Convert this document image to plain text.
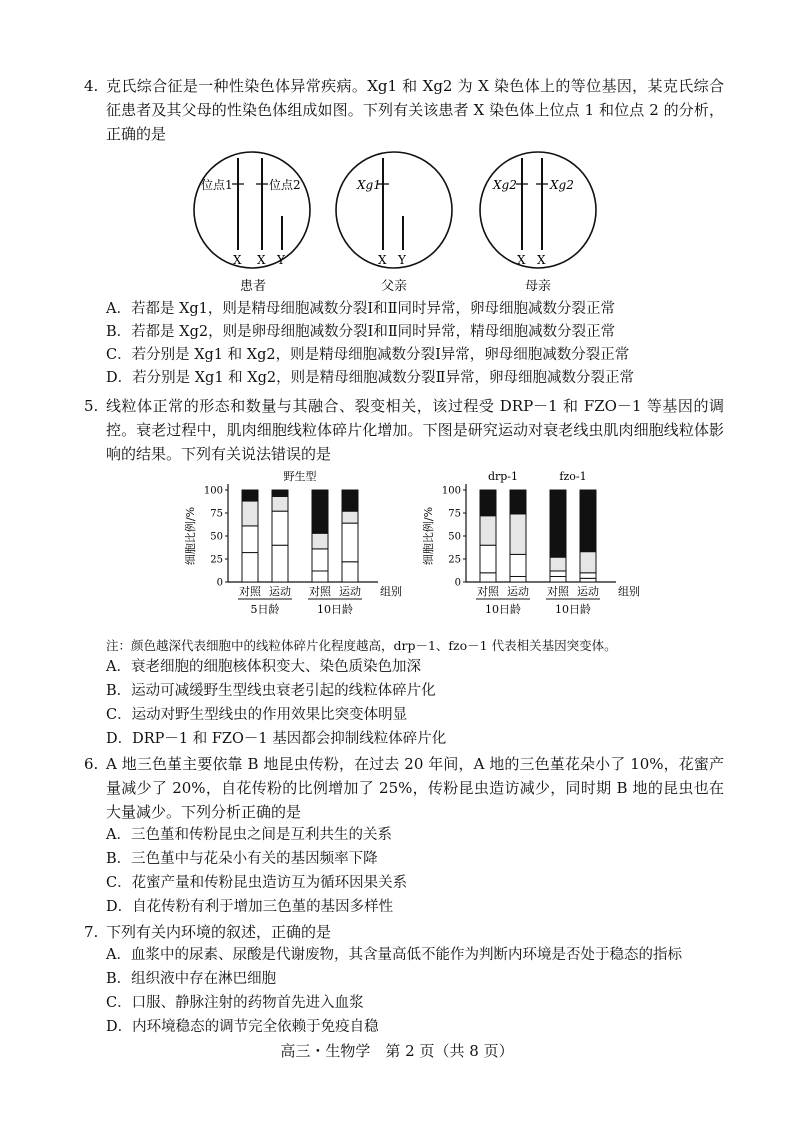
4. 克氏综合征是一种性染色体异常疾病。Xg1 和 Xg2 为 X 染色体上的等位基因，某克氏综合征患者及其父母的性染色体组成如图。下列有关该患者 X 染色体上位点 1 和位点 2 的分析，正确的是
位点1	位点2
X X Y
患者
Xg1
X Y
父亲
Xg2	Xg2
X X
母亲
A．若都是 Xg1，则是精母细胞减数分裂Ⅰ和Ⅱ同时异常，卵母细胞减数分裂正常
B．若都是 Xg2，则是卵母细胞减数分裂Ⅰ和Ⅱ同时异常，精母细胞减数分裂正常
C．若分别是 Xg1 和 Xg2，则是精母细胞减数分裂Ⅰ异常，卵母细胞减数分裂正常
D．若分别是 Xg1 和 Xg2，则是精母细胞减数分裂Ⅱ异常，卵母细胞减数分裂正常
5. 线粒体正常的形态和数量与其融合、裂变相关，该过程受 DRP－1 和 FZO－1 等基因的调控。衰老过程中，肌肉细胞线粒体碎片化增加。下图是研究运动对衰老线虫肌肉细胞线粒体影响的结果。下列有关说法错误的是
0
25
50
75
100
细胞比例/%
对照 运动 对照 运动
5日龄	10日龄
组别
野生型
0
25
50
75
100
细胞比例/%
对照 运动 对照 运动
10日龄	10日龄
组别
drp-1	fzo-1
注：颜色越深代表细胞中的线粒体碎片化程度越高，drp－1、fzo－1 代表相关基因突变体。
A．衰老细胞的细胞核体积变大、染色质染色加深
B．运动可减缓野生型线虫衰老引起的线粒体碎片化
C．运动对野生型线虫的作用效果比突变体明显
D．DRP－1 和 FZO－1 基因都会抑制线粒体碎片化
6. A 地三色堇主要依靠 B 地昆虫传粉，在过去 20 年间，A 地的三色堇花朵小了 10%，花蜜产量减少了 20%，自花传粉的比例增加了 25%，传粉昆虫造访减少，同时期 B 地的昆虫也在大量减少。下列分析正确的是
A．三色堇和传粉昆虫之间是互利共生的关系
B．三色堇中与花朵小有关的基因频率下降
C．花蜜产量和传粉昆虫造访互为循环因果关系
D．自花传粉有利于增加三色堇的基因多样性
7. 下列有关内环境的叙述，正确的是
A．血浆中的尿素、尿酸是代谢废物，其含量高低不能作为判断内环境是否处于稳态的指标
B．组织液中存在淋巴细胞
C．口服、静脉注射的药物首先进入血浆
D．内环境稳态的调节完全依赖于免疫自稳
高三・生物学　第 2 页（共 8 页）
